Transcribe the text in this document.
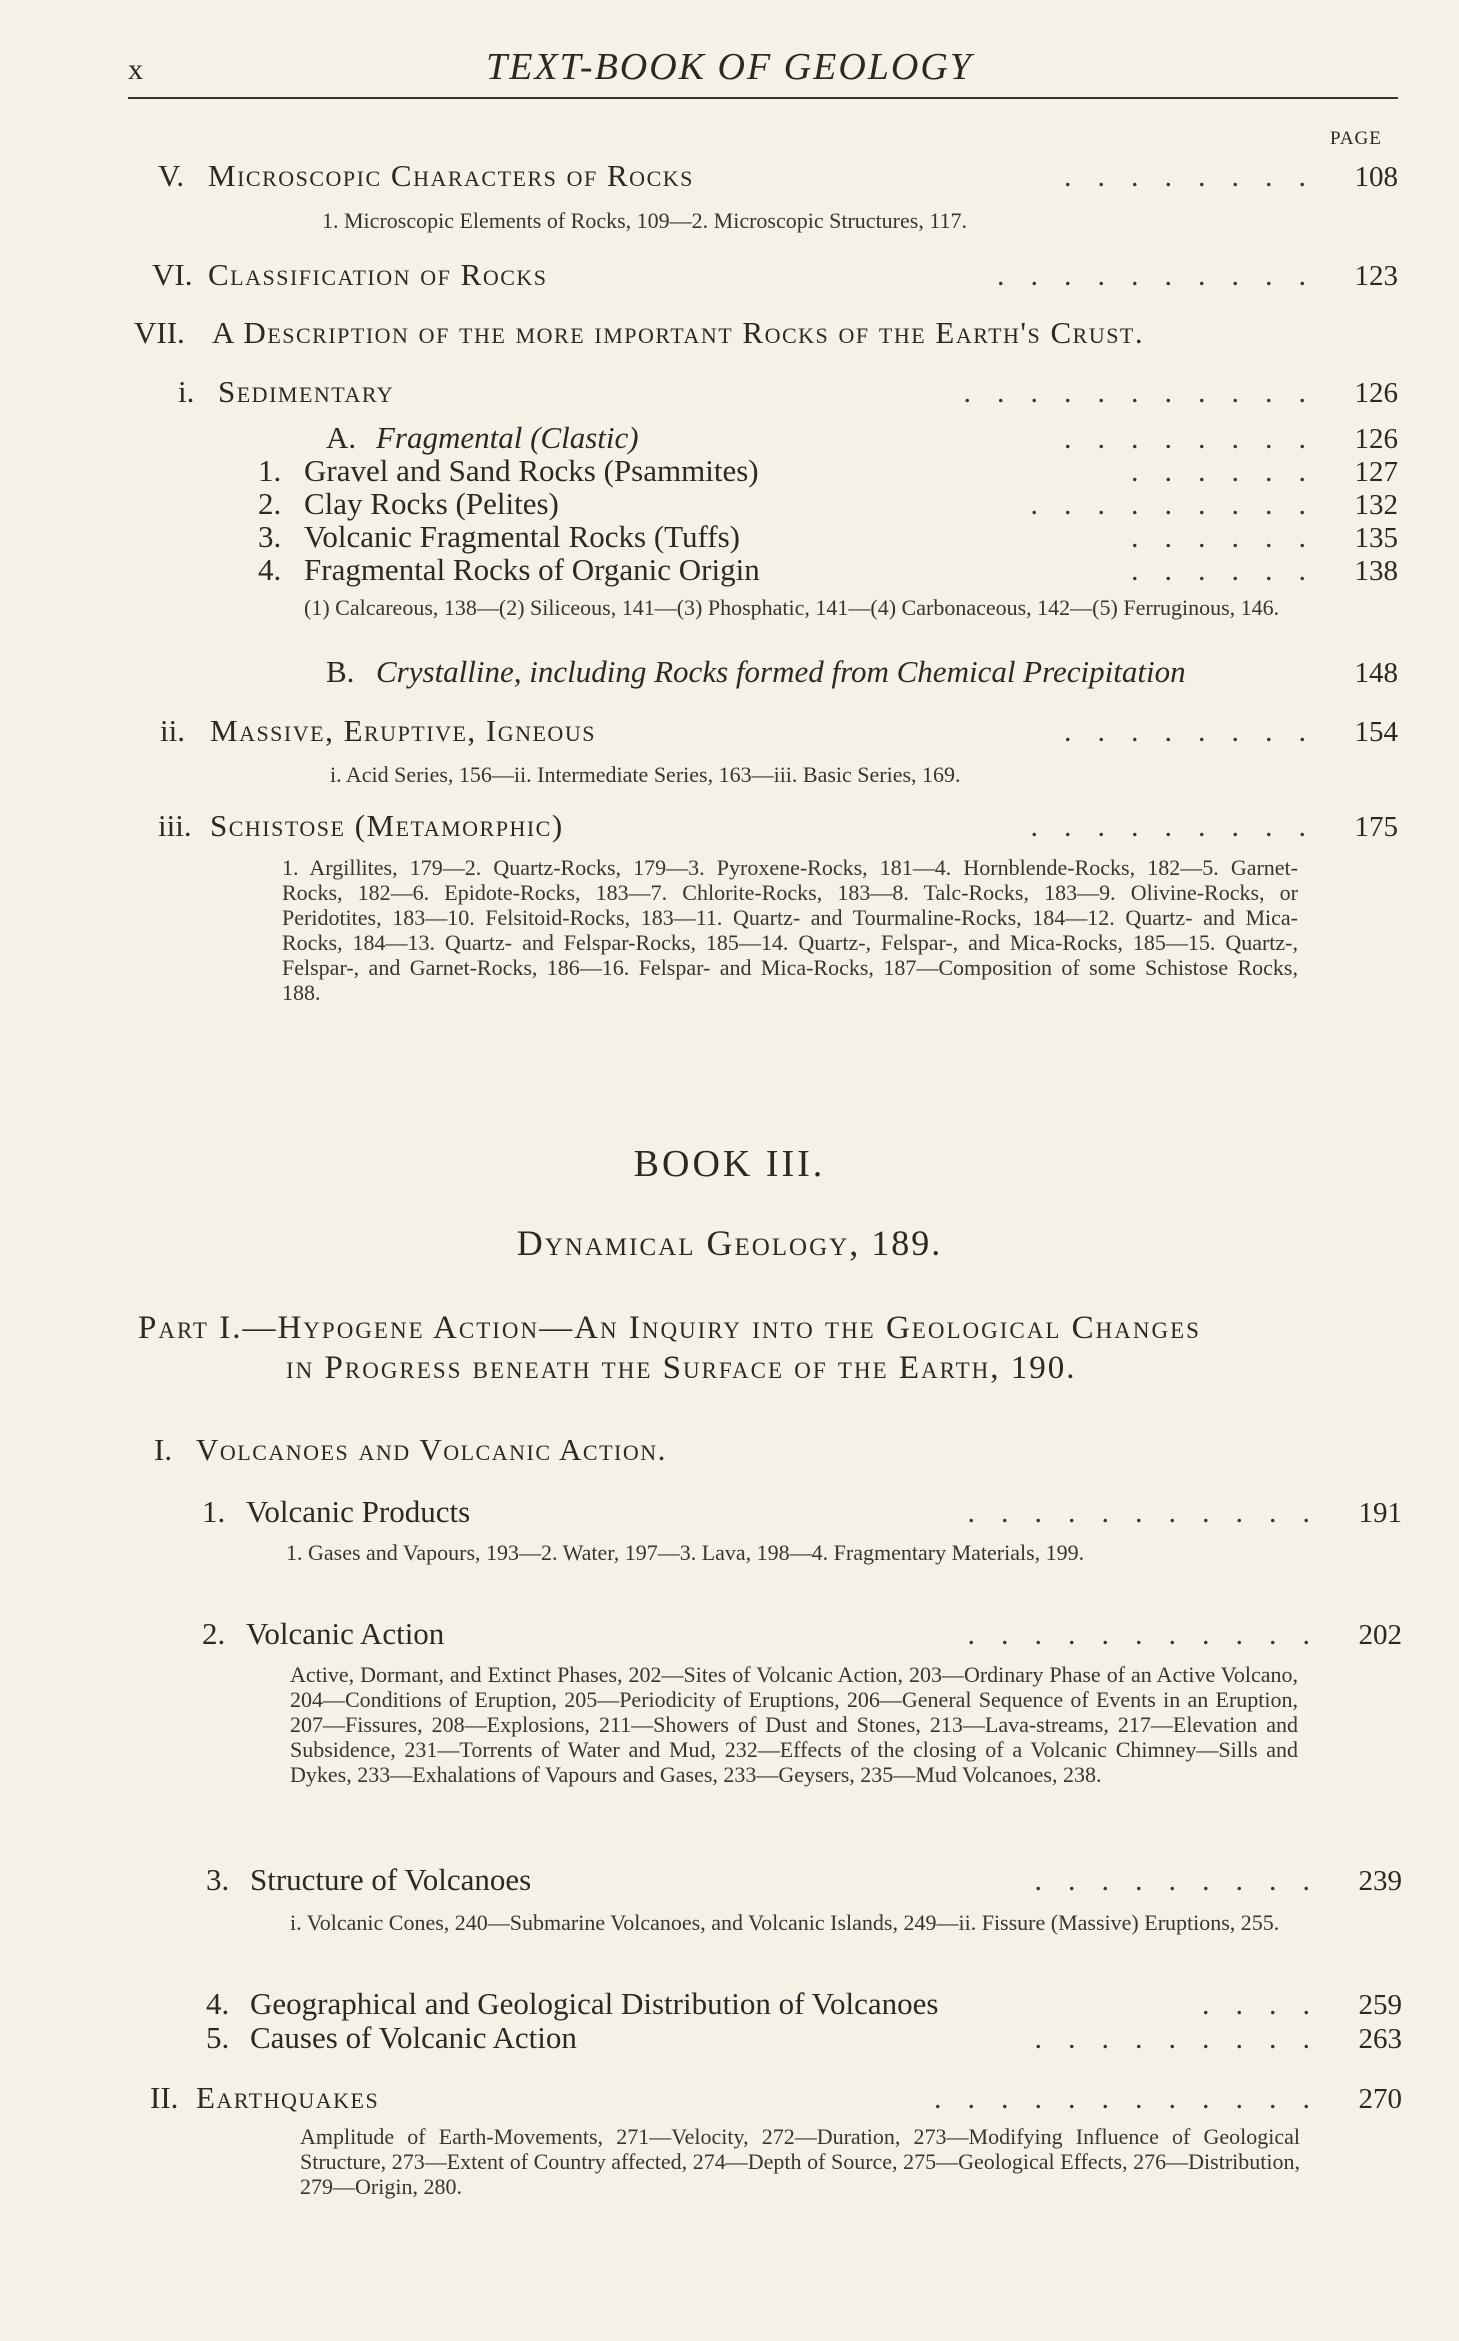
x	TEXT-BOOK OF GEOLOGY
PAGE
V. Microscopic Characters of Rocks	........ 108
1. Microscopic Elements of Rocks, 109—2. Microscopic Structures, 117.
VI. Classification of Rocks	.......... 123
VII. A Description of the more important Rocks of the Earth's Crust.
i. Sedimentary	........... 126
A. Fragmental (Clastic)	........ 126
1. Gravel and Sand Rocks (Psammites)	...... 127
2. Clay Rocks (Pelites)	......... 132
3. Volcanic Fragmental Rocks (Tuffs)	...... 135
4. Fragmental Rocks of Organic Origin	...... 138
(1) Calcareous, 138—(2) Siliceous, 141—(3) Phosphatic, 141—(4) Carbonaceous, 142—(5) Ferruginous, 146.
B. Crystalline, including Rocks formed from Chemical Precipitation	148
ii. Massive, Eruptive, Igneous	........ 154
i. Acid Series, 156—ii. Intermediate Series, 163—iii. Basic Series, 169.
iii. Schistose (Metamorphic)	......... 175
1. Argillites, 179—2. Quartz-Rocks, 179—3. Pyroxene-Rocks, 181—4. Hornblende-Rocks, 182—5. Garnet-Rocks, 182—6. Epidote-Rocks, 183—7. Chlorite-Rocks, 183—8. Talc-Rocks, 183—9. Olivine-Rocks, or Peridotites, 183—10. Felsitoid-Rocks, 183—11. Quartz- and Tourmaline-Rocks, 184—12. Quartz- and Mica-Rocks, 184—13. Quartz- and Felspar-Rocks, 185—14. Quartz-, Felspar-, and Mica-Rocks, 185—15. Quartz-, Felspar-, and Garnet-Rocks, 186—16. Felspar- and Mica-Rocks, 187—Composition of some Schistose Rocks, 188.
BOOK III.
Dynamical Geology, 189.
Part I.—Hypogene Action—An Inquiry into the Geological Changes
in Progress beneath the Surface of the Earth, 190.
I. Volcanoes and Volcanic Action.
1. Volcanic Products	........... 191
1. Gases and Vapours, 193—2. Water, 197—3. Lava, 198—4. Fragmentary Materials, 199.
2. Volcanic Action	........... 202
Active, Dormant, and Extinct Phases, 202—Sites of Volcanic Action, 203—Ordinary Phase of an Active Volcano, 204—Conditions of Eruption, 205—Periodicity of Eruptions, 206—General Sequence of Events in an Eruption, 207—Fissures, 208—Explosions, 211—Showers of Dust and Stones, 213—Lava-streams, 217—Elevation and Subsidence, 231—Torrents of Water and Mud, 232—Effects of the closing of a Volcanic Chimney—Sills and Dykes, 233—Exhalations of Vapours and Gases, 233—Geysers, 235—Mud Volcanoes, 238.
3. Structure of Volcanoes	......... 239
i. Volcanic Cones, 240—Submarine Volcanoes, and Volcanic Islands, 249—ii. Fissure (Massive) Eruptions, 255.
4. Geographical and Geological Distribution of Volcanoes	.... 259
5. Causes of Volcanic Action	......... 263
II. Earthquakes	............ 270
Amplitude of Earth-Movements, 271—Velocity, 272—Duration, 273—Modifying Influence of Geological Structure, 273—Extent of Country affected, 274—Depth of Source, 275—Geological Effects, 276—Distribution, 279—Origin, 280.
